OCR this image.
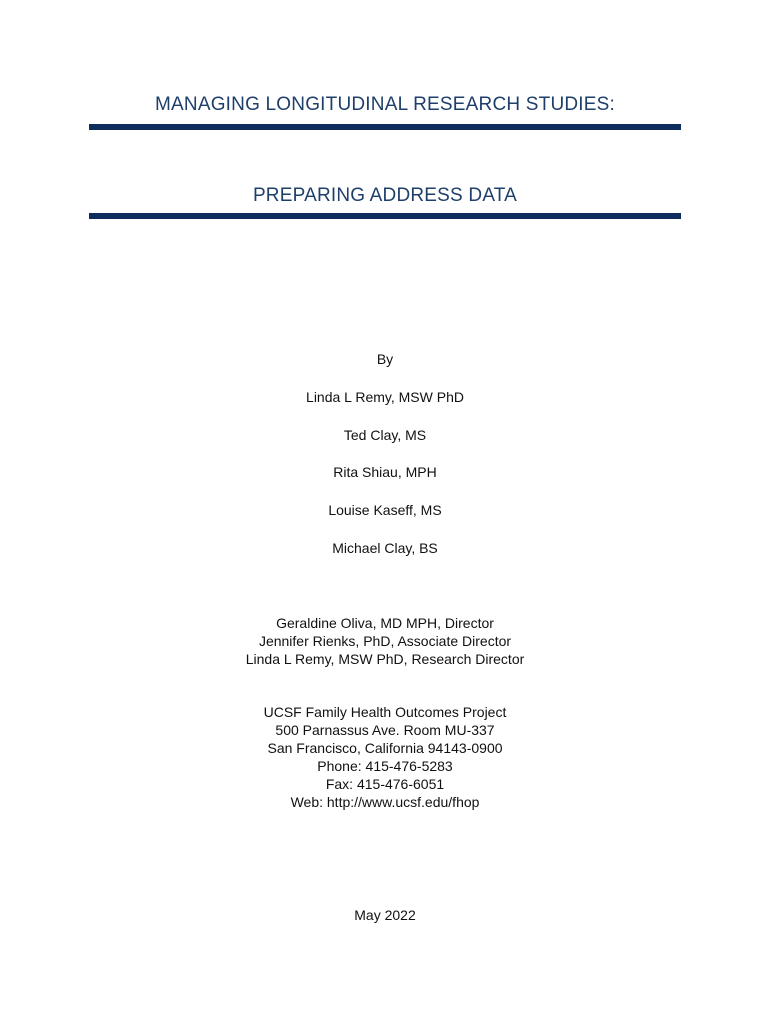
MANAGING LONGITUDINAL RESEARCH STUDIES:
PREPARING ADDRESS DATA
By
Linda L Remy, MSW PhD
Ted Clay, MS
Rita Shiau, MPH
Louise Kaseff, MS
Michael Clay, BS
Geraldine Oliva, MD MPH, Director
Jennifer Rienks, PhD, Associate Director
Linda L Remy, MSW PhD, Research Director
UCSF Family Health Outcomes Project
500 Parnassus Ave. Room MU-337
San Francisco, California 94143-0900
Phone: 415-476-5283
Fax: 415-476-6051
Web: http://www.ucsf.edu/fhop
May 2022
